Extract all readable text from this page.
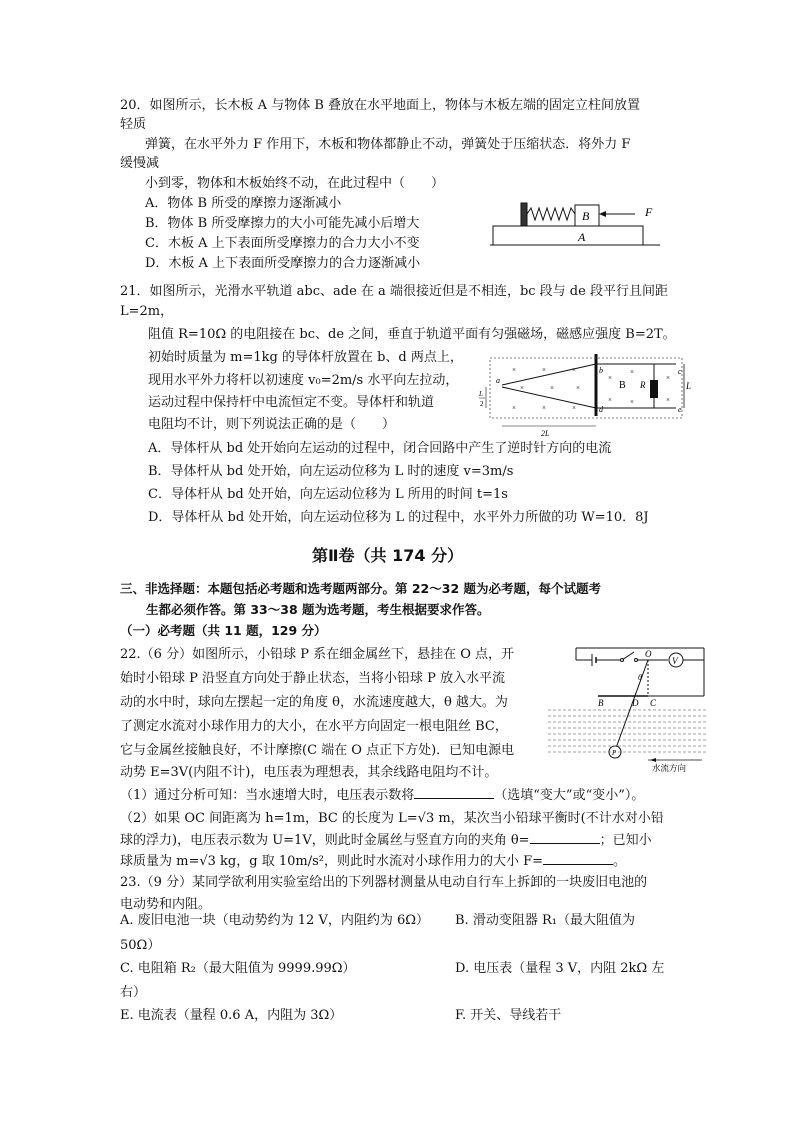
20．如图所示，长木板 A 与物体 B 叠放在水平地面上，物体与木板左端的固定立柱间放置
轻质
弹簧，在水平外力 F 作用下，木板和物体都静止不动，弹簧处于压缩状态．将外力 F
缓慢减
小到零，物体和木板始终不动，在此过程中（　　）
A．物体 B 所受的摩擦力逐渐减小
B．物体 B 所受摩擦力的大小可能先减小后增大
C．木板 A 上下表面所受摩擦力的合力大小不变
D．木板 A 上下表面所受摩擦力的合力逐渐减小
B
A
F
21．如图所示，光滑水平轨道 abc、ade 在 a 端很接近但是不相连，bc 段与 de 段平行且间距
L=2m，
阻值 R=10Ω 的电阻接在 bc、de 之间，垂直于轨道平面有匀强磁场，磁感应强度 B=2T。
初始时质量为 m=1kg 的导体杆放置在 b、d 两点上，
现用水平外力将杆以初速度 v₀=2m/s 水平向左拉动，
运动过程中保持杆中电流恒定不变。导体杆和轨道
电阻均不计，则下列说法正确的是（　　）
A．导体杆从 bd 处开始向左运动的过程中，闭合回路中产生了逆时针方向的电流
B．导体杆从 bd 处开始，向左运动位移为 L 时的速度 v=3m/s
C．导体杆从 bd 处开始，向左运动位移为 L 所用的时间 t=1s
D．导体杆从 bd 处开始，向左运动位移为 L 的过程中，水平外力所做的功 W=10．8J
R
B
a
b
d
c
e
L
L
2
2L
×	×	×
×	×	×
×	×	×
×
×
×	×
×
×
第Ⅱ卷（共 174 分）
三、非选择题：本题包括必考题和选考题两部分。第 22～32 题为必考题，每个试题考
生都必须作答。第 33～38 题为选考题，考生根据要求作答。
（一）必考题（共 11 题，129 分）
22.（6 分）如图所示，小铅球 P 系在细金属丝下，悬挂在 O 点，开
始时小铅球 P 沿竖直方向处于静止状态，当将小铅球 P 放入水平流
动的水中时，球向左摆起一定的角度 θ，水流速度越大，θ 越大。为
了测定水流对小球作用力的大小，在水平方向固定一根电阻丝 BC，
它与金属丝接触良好，不计摩擦(C 端在 O 点正下方处)．已知电源电
动势 E=3V(内阻不计)，电压表为理想表，其余线路电阻均不计。
（1）通过分析可知：当水速增大时，电压表示数将	（选填“变大”或“变小”）。
（2）如果 OC 间距离为 h=1m，BC 的长度为 L=√3 m，某次当小铅球平衡时(不计水对小铅
球的浮力)，电压表示数为 U=1V，则此时金属丝与竖直方向的夹角 θ=	；已知小
球质量为 m=√3 kg，g 取 10m/s²，则此时水流对小球作用力的大小 F=	。
V
O
B	D C
θ
P
水流方向
23.（9 分）某同学欲利用实验室给出的下列器材测量从电动自行车上拆卸的一块废旧电池的
电动势和内阻。
A. 废旧电池一块（电动势约为 12 V，内阻约为 6Ω） B. 滑动变阻器 R₁（最大阻值为
50Ω）
C. 电阻箱 R₂（最大阻值为 9999.99Ω）	D. 电压表（量程 3 V，内阻 2kΩ 左
右）
E. 电流表（量程 0.6 A，内阻为 3Ω）	F. 开关、导线若干
